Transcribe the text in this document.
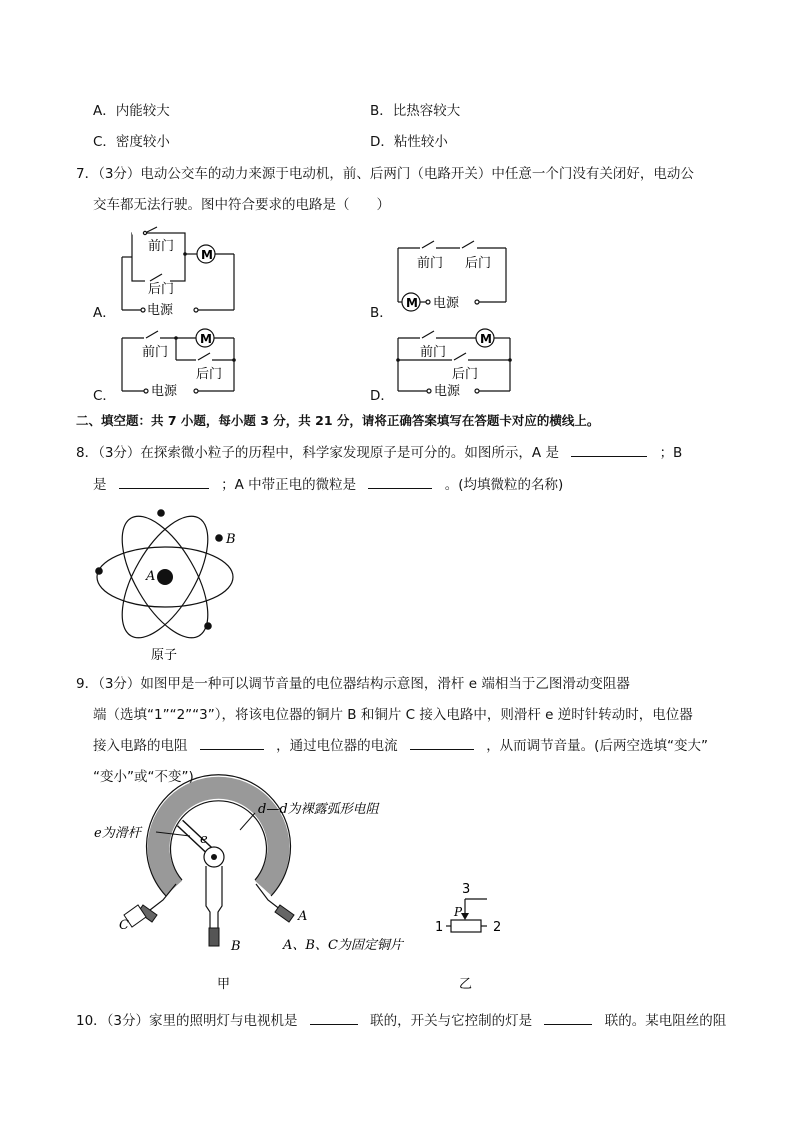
A．内能较大	B．比热容较大
C．密度较小	D．粘性较小
7．（3分）电动公交车的动力来源于电动机，前、后两门（电路开关）中任意一个门没有关闭好，电动公
交车都无法行驶。图中符合要求的电路是（　　）
A．	B．
C．	D．
前门
后门
M
电源
前门 后门
M 电源
前门
后门
M
电源
前门
后门
M
电源
二、填空题：共 7 小题，每小题 3 分，共 21 分，请将正确答案填写在答题卡对应的横线上。
8．（3分）在探索微小粒子的历程中，科学家发现原子是可分的。如图所示，A 是	；B
是	；A 中带正电的微粒是	。(均填微粒的名称)
A
B
原子
9．（3分）如图甲是一种可以调节音量的电位器结构示意图，滑杆 e 端相当于乙图滑动变阻器
端（选填“1”“2”“3”），将该电位器的铜片 B 和铜片 C 接入电路中，则滑杆 e 逆时针转动时，电位器
接入电路的电阻	，通过电位器的电流	，从而调节音量。(后两空选填“变大”
“变小”或“不变”)
e为滑杆	e
d—d为裸露弧形电阻
A
B
C
A、B、C为固定铜片
甲
3
P
1	2
乙
10．（3分）家里的照明灯与电视机是	联的，开关与它控制的灯是	联的。某电阻丝的阻
